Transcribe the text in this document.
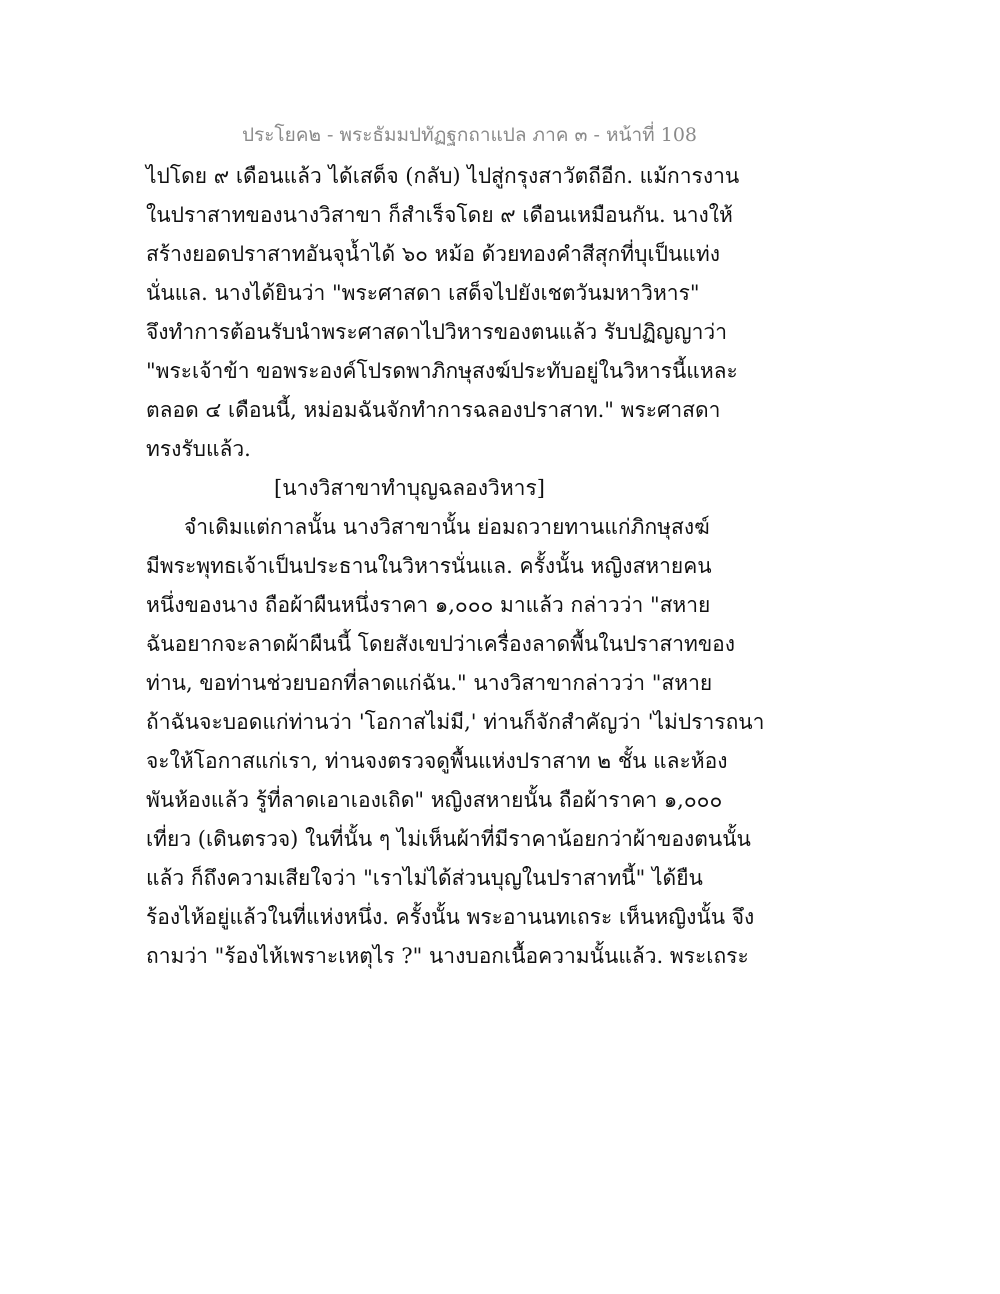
ประโยค๒ - พระธัมมปทัฏฐกถาแปล ภาค ๓ - หน้าที่ 108
ไปโดย ๙ เดือนแล้ว ได้เสด็จ (กลับ) ไปสู่กรุงสาวัตถีอีก. แม้การงาน
ในปราสาทของนางวิสาขา ก็สำเร็จโดย ๙ เดือนเหมือนกัน. นางให้
สร้างยอดปราสาทอันจุน้ำได้ ๖๐ หม้อ ด้วยทองคำสีสุกที่บุเป็นแท่ง
นั่นแล. นางได้ยินว่า "พระศาสดา เสด็จไปยังเชตวันมหาวิหาร"
จึงทำการต้อนรับนำพระศาสดาไปวิหารของตนแล้ว รับปฏิญญาว่า
"พระเจ้าข้า ขอพระองค์โปรดพาภิกษุสงฆ์ประทับอยู่ในวิหารนี้แหละ
ตลอด ๔ เดือนนี้, หม่อมฉันจักทำการฉลองปราสาท." พระศาสดา
ทรงรับแล้ว.
[นางวิสาขาทำบุญฉลองวิหาร]
จำเดิมแต่กาลนั้น นางวิสาขานั้น ย่อมถวายทานแก่ภิกษุสงฆ์
มีพระพุทธเจ้าเป็นประธานในวิหารนั่นแล. ครั้งนั้น หญิงสหายคน
หนึ่งของนาง ถือผ้าผืนหนึ่งราคา ๑,๐๐๐ มาแล้ว กล่าวว่า "สหาย
ฉันอยากจะลาดผ้าผืนนี้ โดยสังเขปว่าเครื่องลาดพื้นในปราสาทของ
ท่าน, ขอท่านช่วยบอกที่ลาดแก่ฉัน." นางวิสาขากล่าวว่า "สหาย
ถ้าฉันจะบอดแก่ท่านว่า 'โอกาสไม่มี,' ท่านก็จักสำคัญว่า 'ไม่ปรารถนา
จะให้โอกาสแก่เรา, ท่านจงตรวจดูพื้นแห่งปราสาท ๒ ชั้น และห้อง
พันห้องแล้ว รู้ที่ลาดเอาเองเถิด" หญิงสหายนั้น ถือผ้าราคา ๑,๐๐๐
เที่ยว (เดินตรวจ) ในที่นั้น ๆ ไม่เห็นผ้าที่มีราคาน้อยกว่าผ้าของตนนั้น
แล้ว ก็ถึงความเสียใจว่า "เราไม่ได้ส่วนบุญในปราสาทนี้" ได้ยืน
ร้องไห้อยู่แล้วในที่แห่งหนึ่ง. ครั้งนั้น พระอานนทเถระ เห็นหญิงนั้น จึง
ถามว่า "ร้องไห้เพราะเหตุไร ?" นางบอกเนื้อความนั้นแล้ว. พระเถระ
